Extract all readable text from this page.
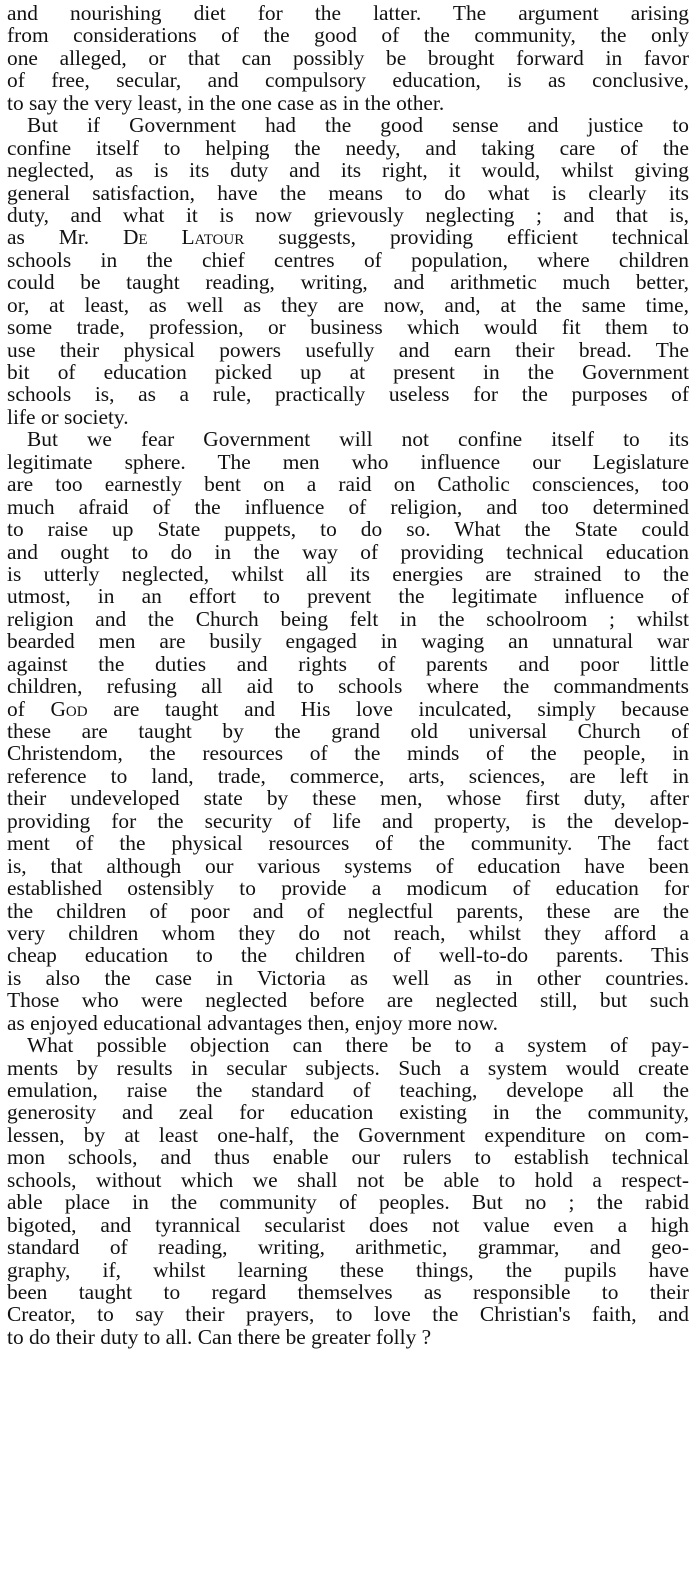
and nourishing diet for the latter. The argument arising
from considerations of the good of the community, the only
one alleged, or that can possibly be brought forward in favor
of free, secular, and compulsory education, is as conclusive,
to say the very least, in the one case as in the other.
But if Government had the good sense and justice to
confine itself to helping the needy, and taking care of the
neglected, as is its duty and its right, it would, whilst giving
general satisfaction, have the means to do what is clearly its
duty, and what it is now grievously neglecting ; and that is,
as Mr. De Latour suggests, providing efficient technical
schools in the chief centres of population, where children
could be taught reading, writing, and arithmetic much better,
or, at least, as well as they are now, and, at the same time,
some trade, profession, or business which would fit them to
use their physical powers usefully and earn their bread. The
bit of education picked up at present in the Government
schools is, as a rule, practically useless for the purposes of
life or society.
But we fear Government will not confine itself to its
legitimate sphere. The men who influence our Legislature
are too earnestly bent on a raid on Catholic consciences, too
much afraid of the influence of religion, and too determined
to raise up State puppets, to do so. What the State could
and ought to do in the way of providing technical education
is utterly neglected, whilst all its energies are strained to the
utmost, in an effort to prevent the legitimate influence of
religion and the Church being felt in the schoolroom ; whilst
bearded men are busily engaged in waging an unnatural war
against the duties and rights of parents and poor little
children, refusing all aid to schools where the commandments
of God are taught and His love inculcated, simply because
these are taught by the grand old universal Church of
Christendom, the resources of the minds of the people, in
reference to land, trade, commerce, arts, sciences, are left in
their undeveloped state by these men, whose first duty, after
providing for the security of life and property, is the develop-
ment of the physical resources of the community. The fact
is, that although our various systems of education have been
established ostensibly to provide a modicum of education for
the children of poor and of neglectful parents, these are the
very children whom they do not reach, whilst they afford a
cheap education to the children of well-to-do parents. This
is also the case in Victoria as well as in other countries.
Those who were neglected before are neglected still, but such
as enjoyed educational advantages then, enjoy more now.
What possible objection can there be to a system of pay-
ments by results in secular subjects. Such a system would create
emulation, raise the standard of teaching, develope all the
generosity and zeal for education existing in the community,
lessen, by at least one-half, the Government expenditure on com-
mon schools, and thus enable our rulers to establish technical
schools, without which we shall not be able to hold a respect-
able place in the community of peoples. But no ; the rabid
bigoted, and tyrannical secularist does not value even a high
standard of reading, writing, arithmetic, grammar, and geo-
graphy, if, whilst learning these things, the pupils have
been taught to regard themselves as responsible to their
Creator, to say their prayers, to love the Christian's faith, and
to do their duty to all. Can there be greater folly ?
